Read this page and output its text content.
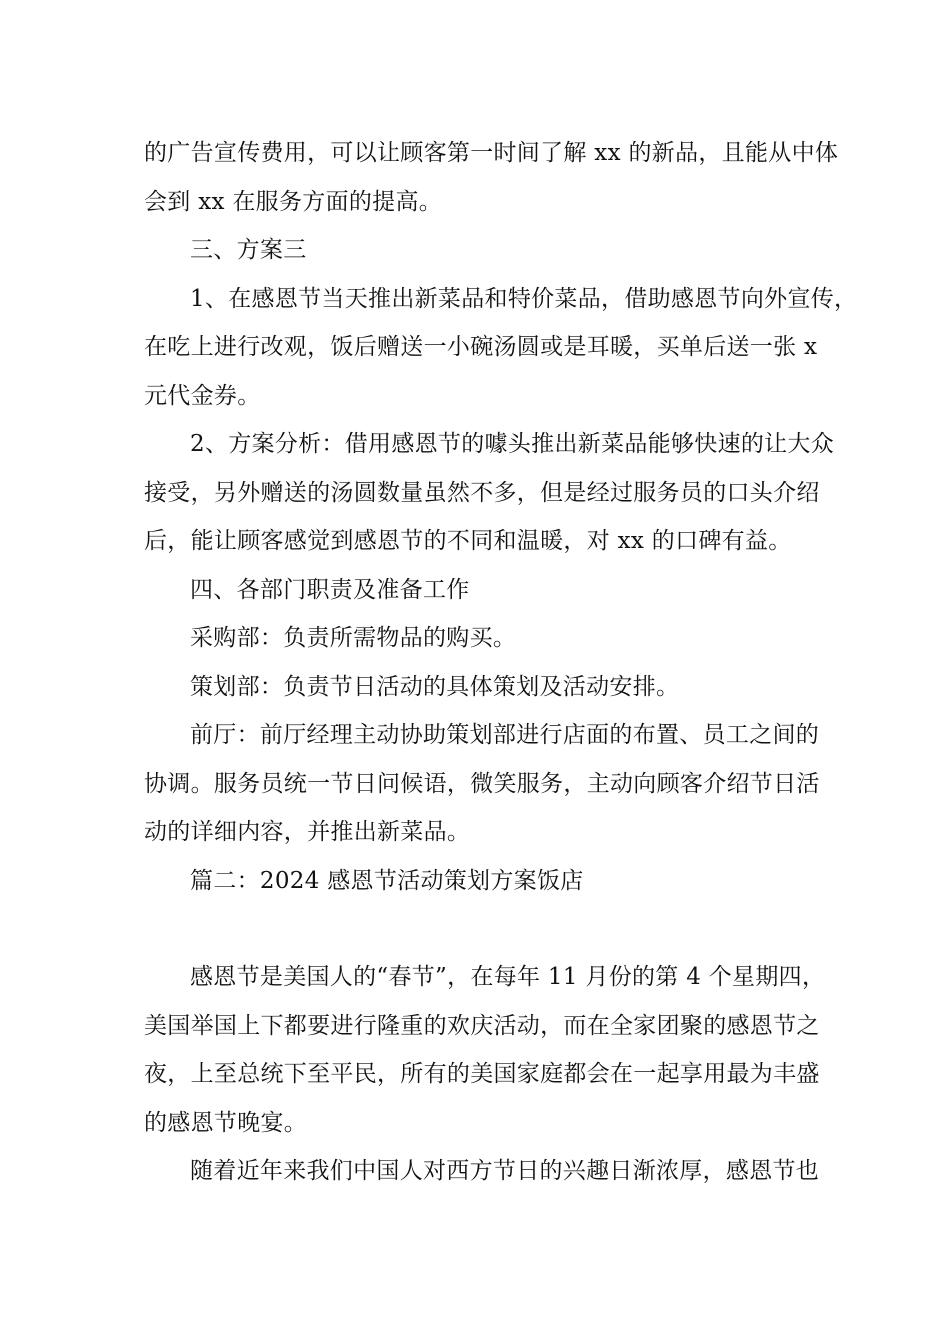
的广告宣传费用，可以让顾客第一时间了解 xx 的新品，且能从中体
会到 xx 在服务方面的提高。
三、方案三
1、在感恩节当天推出新菜品和特价菜品，借助感恩节向外宣传，
在吃上进行改观，饭后赠送一小碗汤圆或是耳暖，买单后送一张 x
元代金券。
2、方案分析：借用感恩节的噱头推出新菜品能够快速的让大众
接受，另外赠送的汤圆数量虽然不多，但是经过服务员的口头介绍
后，能让顾客感觉到感恩节的不同和温暖，对 xx 的口碑有益。
四、各部门职责及准备工作
采购部：负责所需物品的购买。
策划部：负责节日活动的具体策划及活动安排。
前厅：前厅经理主动协助策划部进行店面的布置、员工之间的
协调。服务员统一节日问候语，微笑服务，主动向顾客介绍节日活
动的详细内容，并推出新菜品。
篇二：2024 感恩节活动策划方案饭店
感恩节是美国人的“春节”，在每年 11 月份的第 4 个星期四，
美国举国上下都要进行隆重的欢庆活动，而在全家团聚的感恩节之
夜，上至总统下至平民，所有的美国家庭都会在一起享用最为丰盛
的感恩节晚宴。
随着近年来我们中国人对西方节日的兴趣日渐浓厚，感恩节也
